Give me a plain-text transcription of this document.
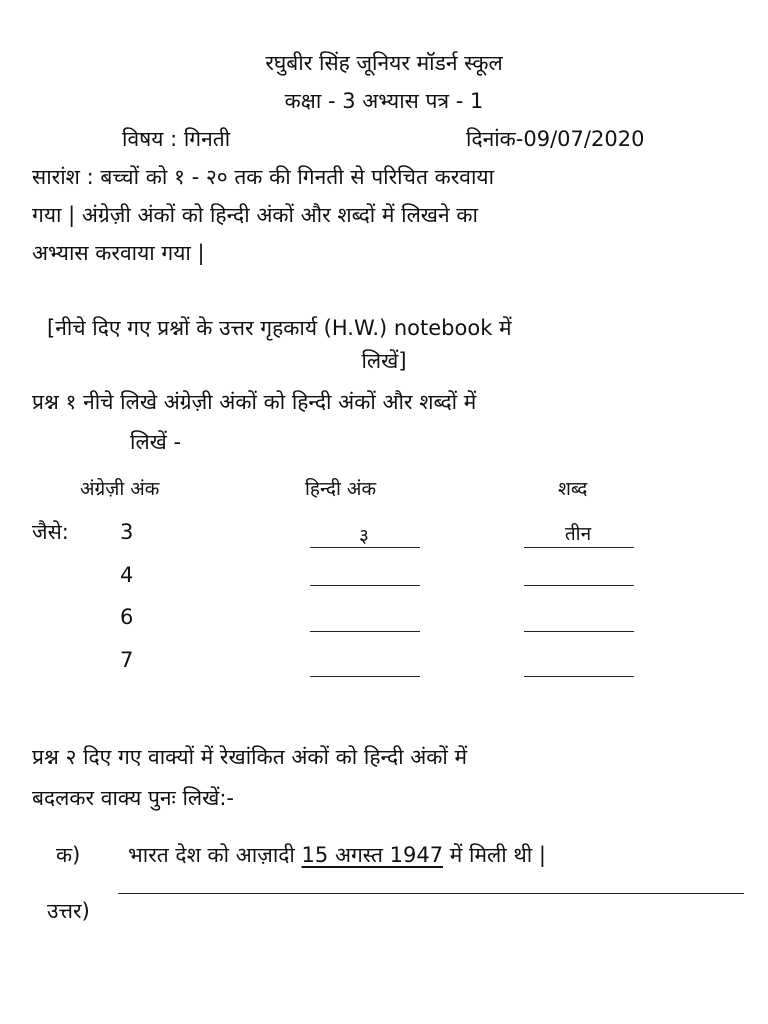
रघुबीर सिंह जूनियर मॉडर्न स्कूल
कक्षा - 3 अभ्यास पत्र - 1
विषय : गिनती	दिनांक-09/07/2020
सारांश : बच्चों को १ - २० तक की गिनती से परिचित करवाया
गया | अंग्रेज़ी अंकों को हिन्दी अंकों और शब्दों में लिखने का
अभ्यास करवाया गया |
[नीचे दिए गए प्रश्नों के उत्तर गृहकार्य (H.W.) notebook में
लिखें]
प्रश्न १ नीचे लिखे अंग्रेज़ी अंकों को हिन्दी अंकों और शब्दों में
लिखें -
अंग्रेज़ी अंक	हिन्दी अंक	शब्द
जैसे: 3	३	तीन
4
6
7
प्रश्न २ दिए गए वाक्यों में रेखांकित अंकों को हिन्दी अंकों में
बदलकर वाक्य पुनः लिखें:-
क) भारत देश को आज़ादी 15 अगस्त 1947 में मिली थी |
उत्तर)
